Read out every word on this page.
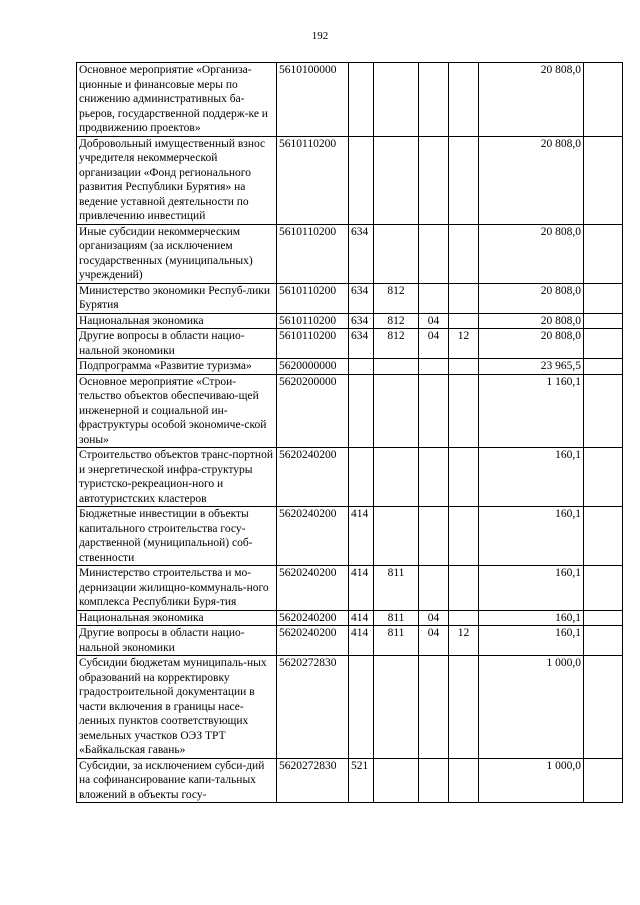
192
Основное мероприятие «Организа-ционные и финансовые меры по снижению административных ба-рьеров, государственной поддерж-ке и продвижению проектов»	5610100000					20 808,0	
Добровольный имущественный взнос учредителя некоммерческой организации «Фонд регионального развития Республики Бурятия» на ведение уставной деятельности по привлечению инвестиций	5610110200					20 808,0	
Иные субсидии некоммерческим организациям (за исключением государственных (муниципальных) учреждений)	5610110200	634				20 808,0	
Министерство экономики Респуб-лики Бурятия	5610110200	634	812			20 808,0	
Национальная экономика	5610110200	634	812	04		20 808,0	
Другие вопросы в области нацио-нальной экономики	5610110200	634	812	04	12	20 808,0	
Подпрограмма «Развитие туризма»	5620000000					23 965,5	
Основное мероприятие «Строи-тельство объектов обеспечиваю-щей инженерной и социальной ин-фраструктуры особой экономиче-ской зоны»	5620200000					1 160,1	
Строительство объектов транс-портной и энергетической инфра-структуры туристско-рекреацион-ного и автотуристских кластеров	5620240200					160,1	
Бюджетные инвестиции в объекты капитального строительства госу-дарственной (муниципальной) соб-ственности	5620240200	414				160,1	
Министерство строительства и мо-дернизации жилищно-коммуналь-ного комплекса Республики Буря-тия	5620240200	414	811			160,1	
Национальная экономика	5620240200	414	811	04		160,1	
Другие вопросы в области нацио-нальной экономики	5620240200	414	811	04	12	160,1	
Субсидии бюджетам муниципаль-ных образований на корректировку градостроительной документации в части включения в границы насе-ленных пунктов соответствующих земельных участков ОЭЗ ТРТ «Байкальская гавань»	5620272830					1 000,0	
Субсидии, за исключением субси-дий на софинансирование капи-тальных вложений в объекты госу-	5620272830	521				1 000,0	
